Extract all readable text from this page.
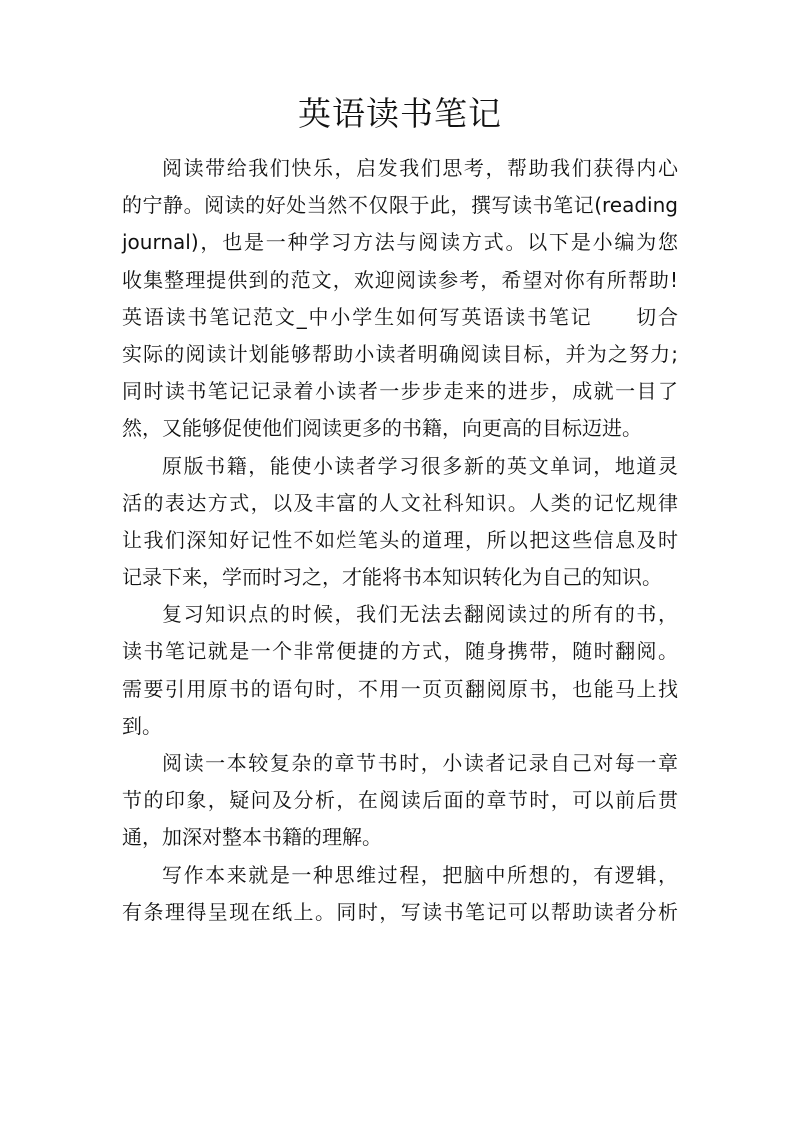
英语读书笔记
阅读带给我们快乐，启发我们思考，帮助我们获得内心
的宁静。阅读的好处当然不仅限于此，撰写读书笔记(reading
journal)，也是一种学习方法与阅读方式。以下是小编为您
收集整理提供到的范文，欢迎阅读参考，希望对你有所帮助!
英语读书笔记范文_中小学生如何写英语读书笔记　　切合
实际的阅读计划能够帮助小读者明确阅读目标，并为之努力;
同时读书笔记记录着小读者一步步走来的进步，成就一目了
然，又能够促使他们阅读更多的书籍，向更高的目标迈进。
原版书籍，能使小读者学习很多新的英文单词，地道灵
活的表达方式，以及丰富的人文社科知识。人类的记忆规律
让我们深知好记性不如烂笔头的道理，所以把这些信息及时
记录下来，学而时习之，才能将书本知识转化为自己的知识。
复习知识点的时候，我们无法去翻阅读过的所有的书，
读书笔记就是一个非常便捷的方式，随身携带，随时翻阅。
需要引用原书的语句时，不用一页页翻阅原书，也能马上找
到。
阅读一本较复杂的章节书时，小读者记录自己对每一章
节的印象，疑问及分析，在阅读后面的章节时，可以前后贯
通，加深对整本书籍的理解。
写作本来就是一种思维过程，把脑中所想的，有逻辑，
有条理得呈现在纸上。同时，写读书笔记可以帮助读者分析
